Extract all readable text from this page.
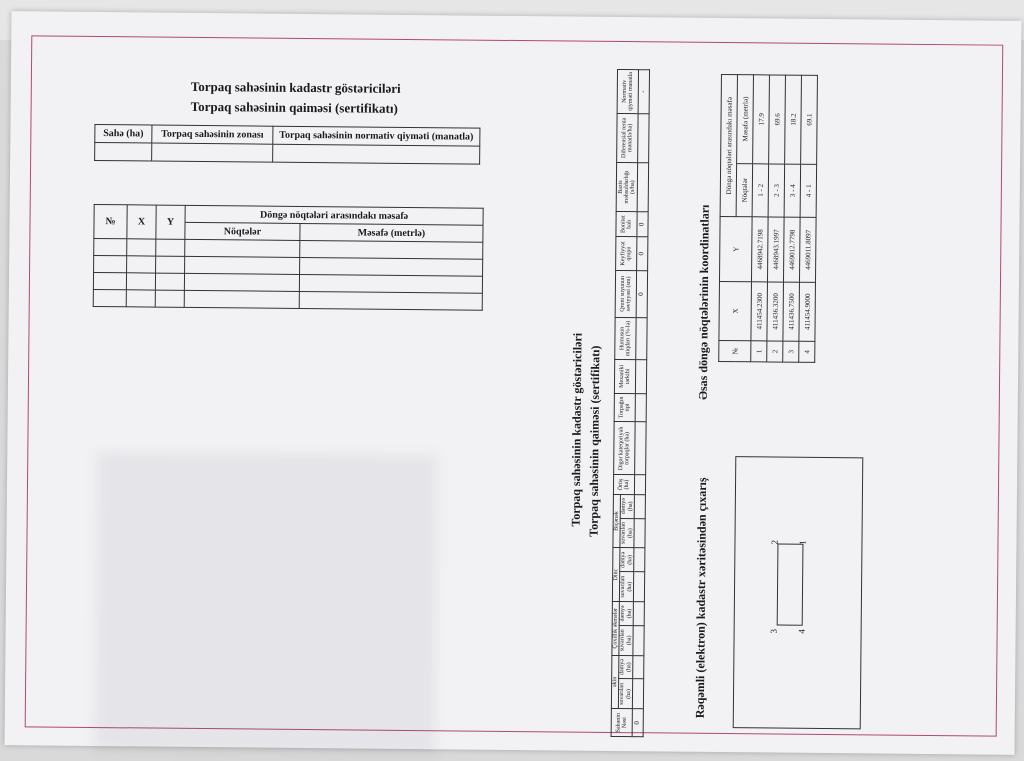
Torpaq sahəsinin kadastr göstəriciləri
Torpaq sahəsinin qaiməsi (sertifikatı)
Sahə (ha)	Torpaq sahəsinin zonası	Torpaq sahəsinin normativ qiyməti (manatla)

№	X	Y	Döngə nöqtələri arasındakı məsafə	
			Nöqtələr	Məsafə (metrlə)

Torpaq sahəsinin kadastr göstəriciləri Torpaq sahəsinin qaiməsi (sertifikatı)
Sahənin Nəsi	əkin		Çoxillik əkmələr		Dinc		Biçənək		Örüş (ha)	Digər kateqoriyalı torpaqlar (ha)	Torpağın tipi	Mexaniki tərkibi	Humusun miqdarı (%-lə)	Qrunt suyunun səviyyəsi (sm)	Keyfiyyət qrupu	Bonitet balı	Bazis məhsuldarlığı (s/ha)	Diferensial renta manatla/ha)	Normativ qiyməti manatla
	suvarılan (ha)	dəmyə (ha)	suvarılan (ha)	dəmyə (ha)	suvarılan (ha)	dəmyə (ha)	suvarılan (ha)	dəmyə (ha)											
0														0	0	0			-
Rəqəmli (elektron) kadastr xəritəsindən çıxarış
Əsas döngə nöqtələrinin koordinatları
1
2
3 4
№	X	Y	Döngə nöqtələri arasındakı məsafə	
			Nöqtələr	Məsafə (metrlə)
1	411454.2300	4468942.7198	1 - 2	17.9
2	411436.3200	4468943.1997	2 - 3	69.6
3	411436.7500	4469012.7798	3 - 4	18.2
4	411454.9000	4469011.8097	4 - 1	69.1
